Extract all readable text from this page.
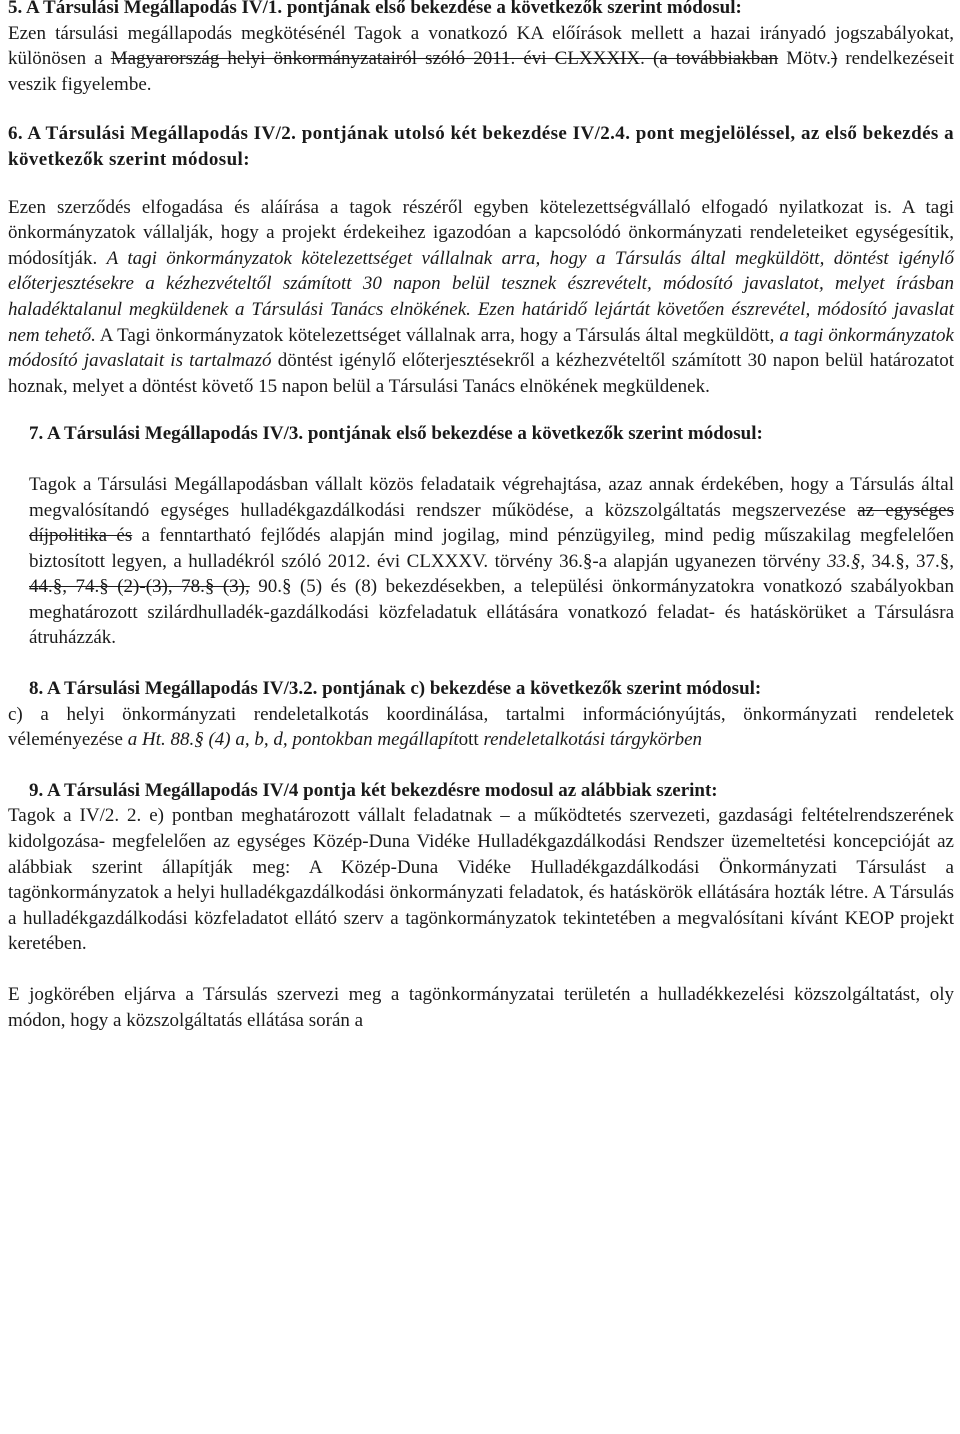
5. A Társulási Megállapodás IV/1. pontjának első bekezdése a következők szerint módosul:

Ezen társulási megállapodás megkötésénél Tagok a vonatkozó KA előírások mellett a hazai irányadó jogszabályokat, különösen a Magyarország helyi önkormányzatairól szóló 2011. évi CLXXXIX. (a továbbiakban Mötv.) rendelkezéseit veszik figyelembe.

6. A Társulási Megállapodás IV/2. pontjának utolsó két bekezdése IV/2.4. pont megjelöléssel, az első bekezdés a következők szerint módosul:

Ezen szerződés elfogadása és aláírása a tagok részéről egyben kötelezettségvállaló elfogadó nyilatkozat is. A tagi önkormányzatok vállalják, hogy a projekt érdekeihez igazodóan a kapcsolódó önkormányzati rendeleteiket egységesítik, módosítják. A tagi önkormányzatok kötelezettséget vállalnak arra, hogy a Társulás által megküldött, döntést igénylő előterjesztésekre a kézhezvételtől számított 30 napon belül tesznek észrevételt, módosító javaslatot, melyet írásban haladéktalanul megküldenek a Társulási Tanács elnökének. Ezen határidő lejártát követően észrevétel, módosító javaslat nem tehető. A Tagi önkormányzatok kötelezettséget vállalnak arra, hogy a Társulás által megküldött, a tagi önkormányzatok módosító javaslatait is tartalmazó döntést igénylő előterjesztésekről a kézhezvételtől számított 30 napon belül határozatot hoznak, melyet a döntést követő 15 napon belül a Társulási Tanács elnökének megküldenek.

7. A Társulási Megállapodás IV/3. pontjának első bekezdése a következők szerint módosul:

Tagok a Társulási Megállapodásban vállalt közös feladataik végrehajtása, azaz annak érdekében, hogy a Társulás által megvalósítandó egységes hulladékgazdálkodási rendszer működése, a közszolgáltatás megszervezése az egységes díjpolitika és a fenntartható fejlődés alapján mind jogilag, mind pénzügyileg, mind pedig műszakilag megfelelően biztosított legyen, a hulladékról szóló 2012. évi CLXXXV. törvény 36.§-a alapján ugyanezen törvény 33.§, 34.§, 37.§, 44.§, 74.§ (2)-(3), 78.§ (3), 90.§ (5) és (8) bekezdésekben, a települési önkormányzatokra vonatkozó szabályokban meghatározott szilárdhulladék-gazdálkodási közfeladatuk ellátására vonatkozó feladat- és hatáskörüket a Társulásra átruházzák.

8. A Társulási Megállapodás IV/3.2. pontjának c) bekezdése a következők szerint módosul:

c) a helyi önkormányzati rendeletalkotás koordinálása, tartalmi információnyújtás, önkormányzati rendeletek véleményezése a Ht. 88.§ (4) a, b, d, pontokban megállapított rendeletalkotási tárgykörben

9. A Társulási Megállapodás IV/4 pontja két bekezdésre modosul az alábbiak szerint:

Tagok a IV/2. 2. e) pontban meghatározott vállalt feladatnak – a működtetés szervezeti, gazdasági feltételrendszerének kidolgozása- megfelelően az egységes Közép-Duna Vidéke Hulladékgazdálkodási Rendszer üzemeltetési koncepcióját az alábbiak szerint állapítják meg: A Közép-Duna Vidéke Hulladékgazdálkodási Önkormányzati Társulást a tagönkormányzatok a helyi hulladékgazdálkodási önkormányzati feladatok, és hatáskörök ellátására hozták létre. A Társulás a hulladékgazdálkodási közfeladatot ellátó szerv a tagönkormányzatok tekintetében a megvalósítani kívánt KEOP projekt keretében.

E jogkörében eljárva a Társulás szervezi meg a tagönkormányzatai területén a hulladékkezelési közszolgáltatást, oly módon, hogy a közszolgáltatás ellátása során a
